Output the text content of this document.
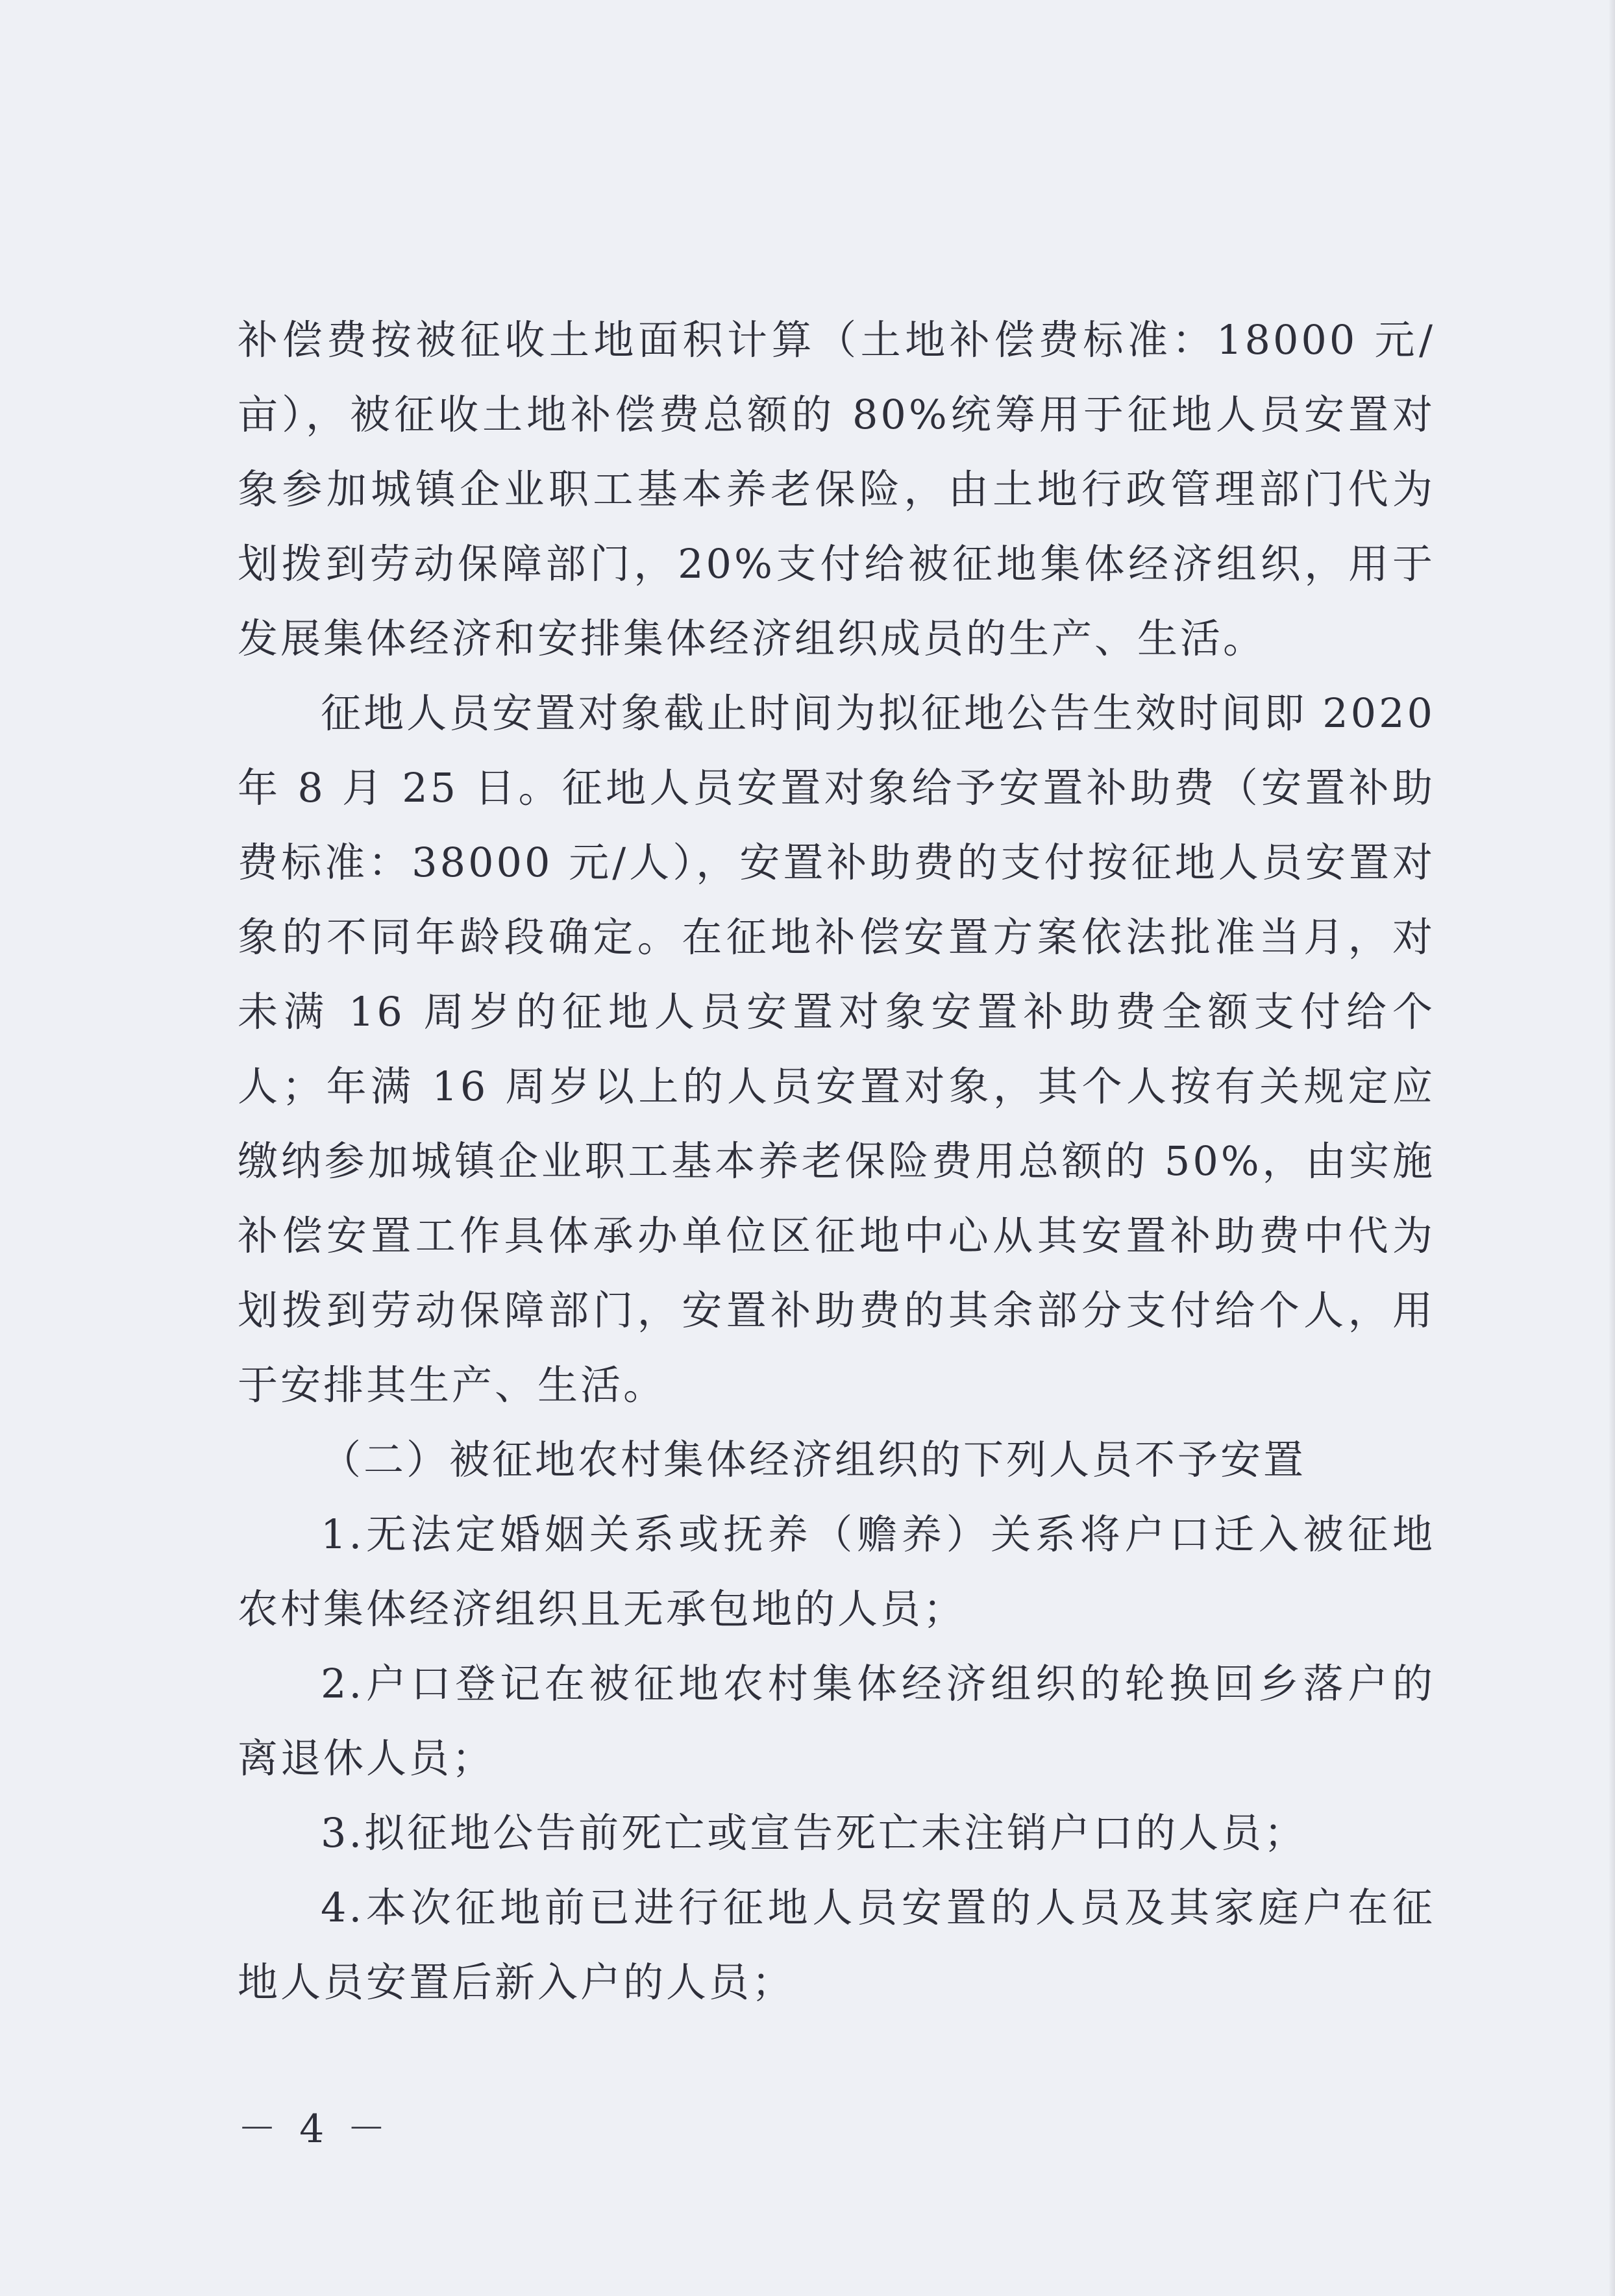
补偿费按被征收土地面积计算（土地补偿费标准：18000 元/亩），被征收土地补偿费总额的 80%统筹用于征地人员安置对象参加城镇企业职工基本养老保险，由土地行政管理部门代为划拨到劳动保障部门，20%支付给被征地集体经济组织，用于发展集体经济和安排集体经济组织成员的生产、生活。

征地人员安置对象截止时间为拟征地公告生效时间即 2020 年 8 月 25 日。征地人员安置对象给予安置补助费（安置补助费标准：38000 元/人），安置补助费的支付按征地人员安置对象的不同年龄段确定。在征地补偿安置方案依法批准当月，对未满 16 周岁的征地人员安置对象安置补助费全额支付给个人；年满 16 周岁以上的人员安置对象，其个人按有关规定应缴纳参加城镇企业职工基本养老保险费用总额的 50%，由实施补偿安置工作具体承办单位区征地中心从其安置补助费中代为划拨到劳动保障部门，安置补助费的其余部分支付给个人，用于安排其生产、生活。

（二）被征地农村集体经济组织的下列人员不予安置

1.无法定婚姻关系或抚养（赡养）关系将户口迁入被征地农村集体经济组织且无承包地的人员；

2.户口登记在被征地农村集体经济组织的轮换回乡落户的离退休人员；

3.拟征地公告前死亡或宣告死亡未注销户口的人员；

4.本次征地前已进行征地人员安置的人员及其家庭户在征地人员安置后新入户的人员；

－ 4 －
